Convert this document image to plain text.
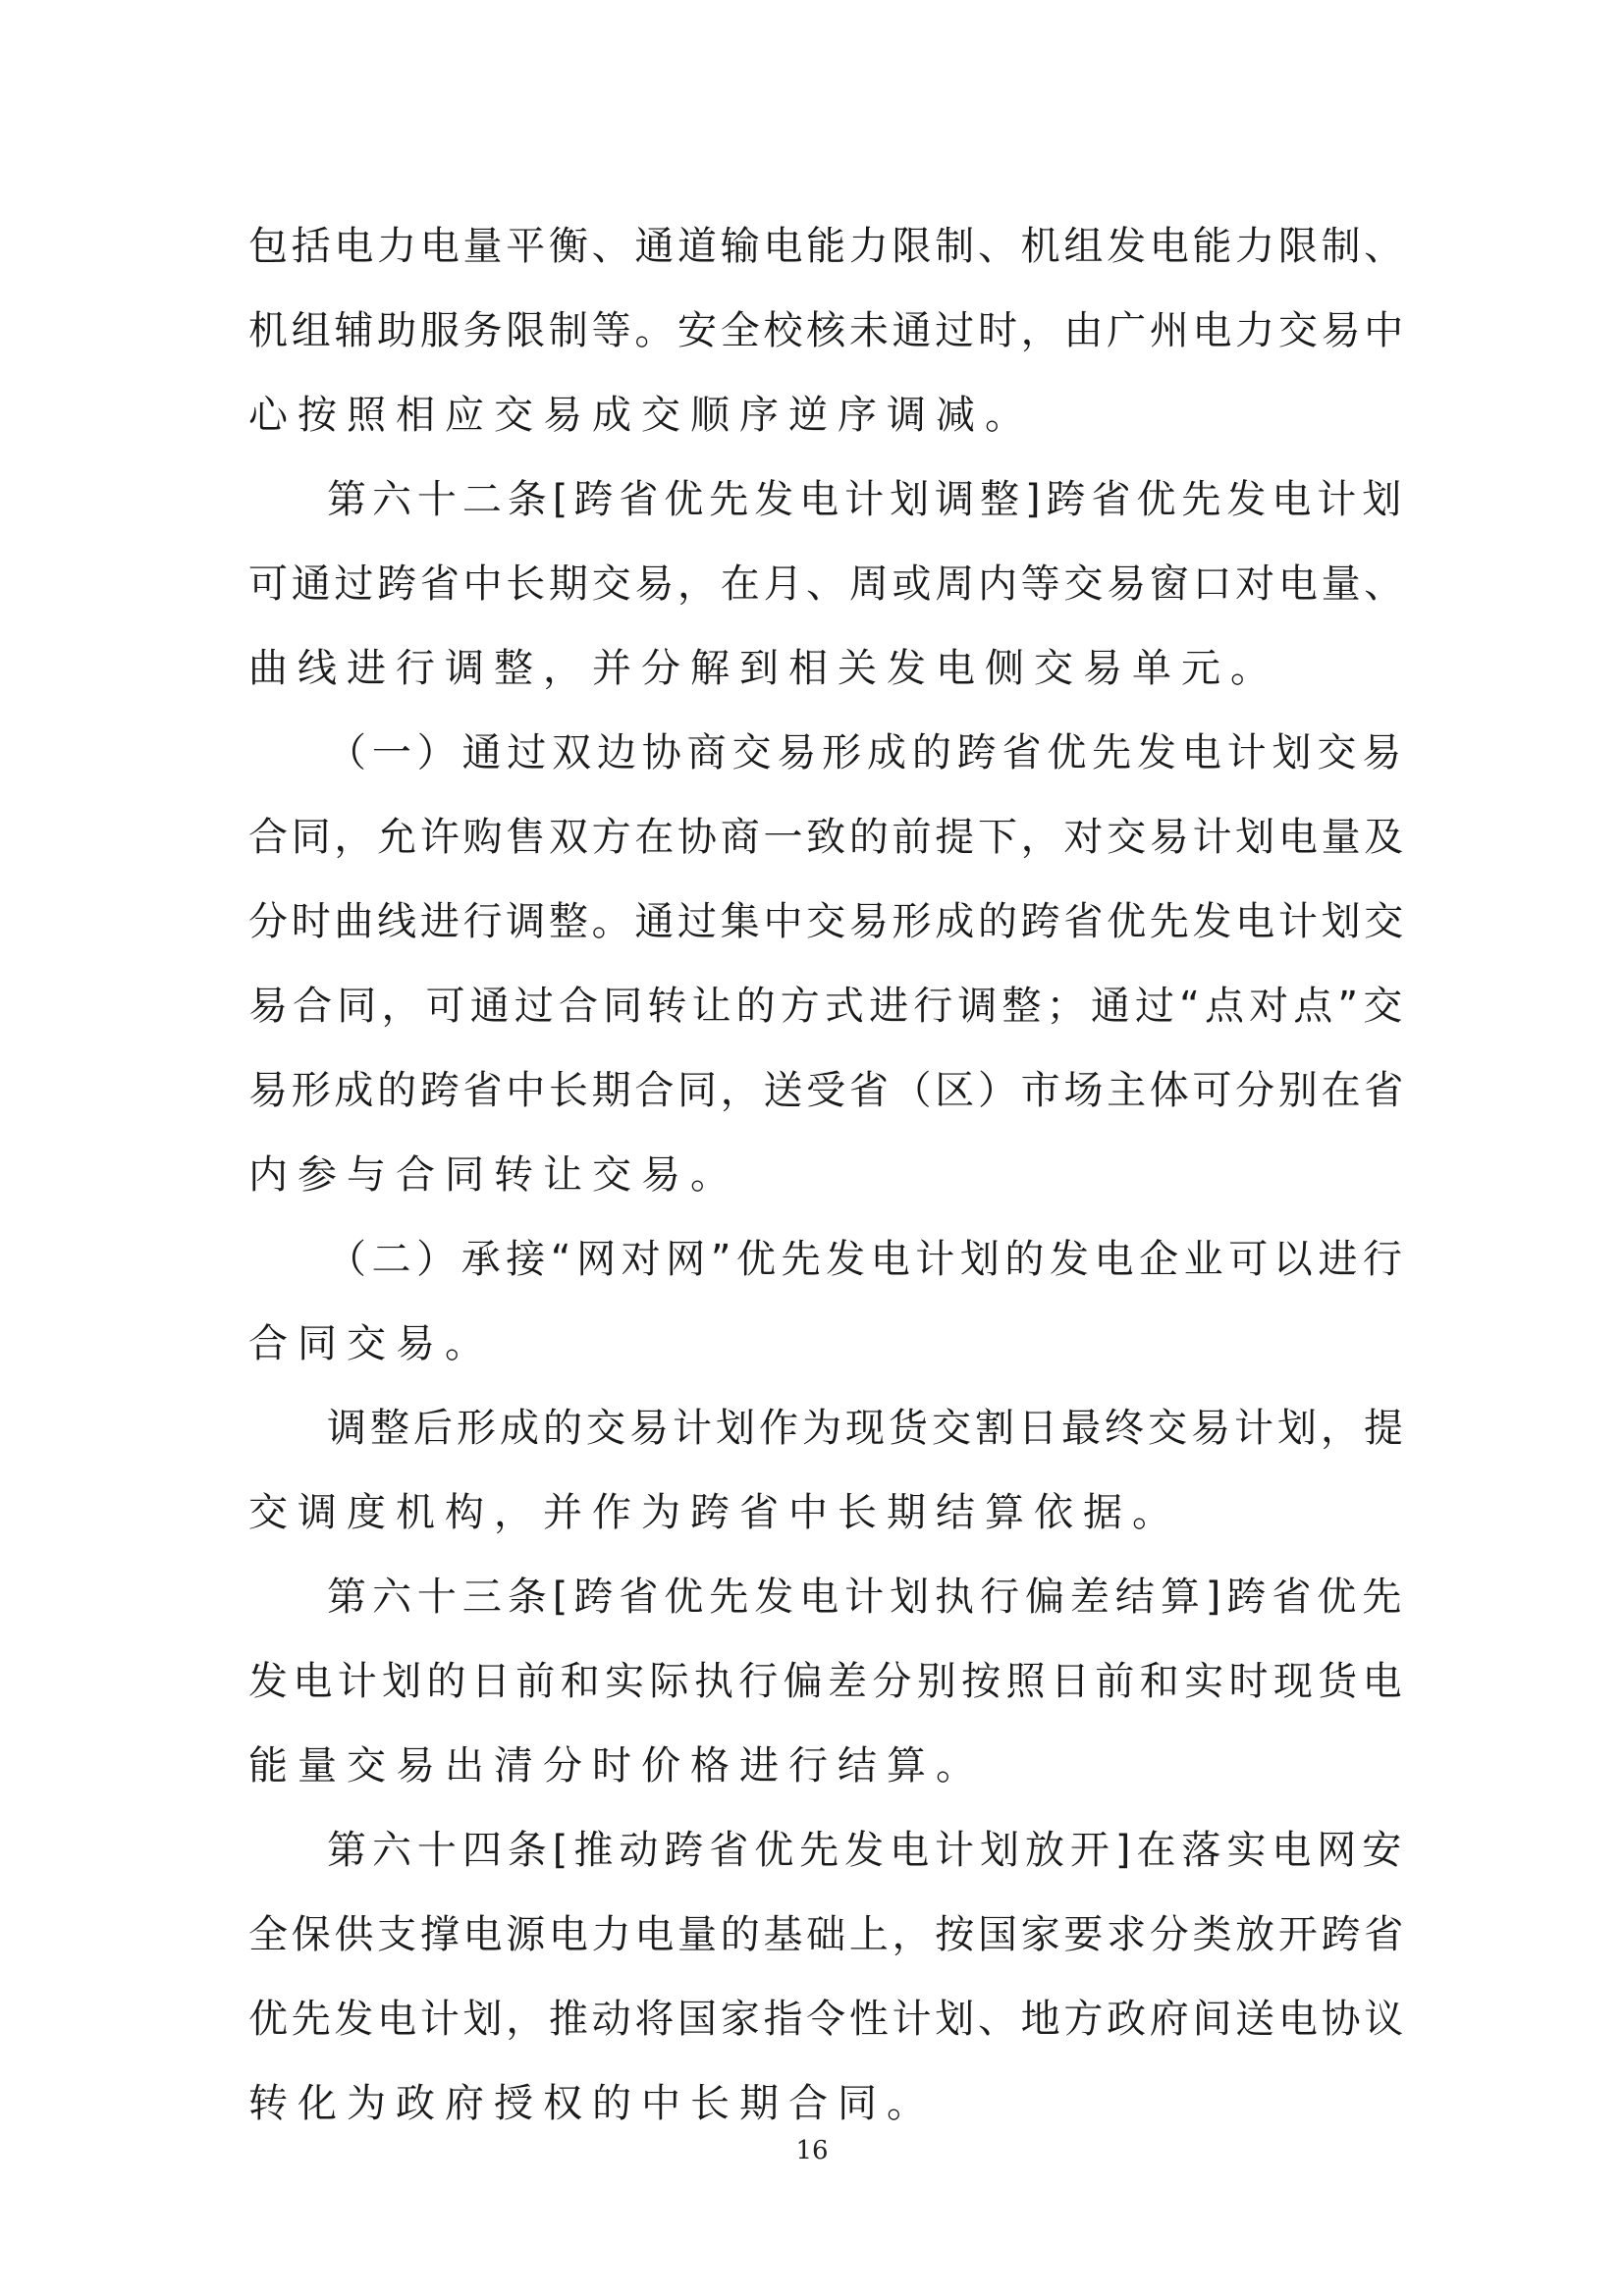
包括电力电量平衡、通道输电能力限制、机组发电能力限制、
机组辅助服务限制等。安全校核未通过时，由广州电力交易中
心按照相应交易成交顺序逆序调减。
第六十二条[跨省优先发电计划调整]跨省优先发电计划
可通过跨省中长期交易，在月、周或周内等交易窗口对电量、
曲线进行调整，并分解到相关发电侧交易单元。
（一）通过双边协商交易形成的跨省优先发电计划交易
合同，允许购售双方在协商一致的前提下，对交易计划电量及
分时曲线进行调整。通过集中交易形成的跨省优先发电计划交
易合同，可通过合同转让的方式进行调整；通过“点对点”交
易形成的跨省中长期合同，送受省（区）市场主体可分别在省
内参与合同转让交易。
（二）承接“网对网”优先发电计划的发电企业可以进行
合同交易。
调整后形成的交易计划作为现货交割日最终交易计划，提
交调度机构，并作为跨省中长期结算依据。
第六十三条[跨省优先发电计划执行偏差结算]跨省优先
发电计划的日前和实际执行偏差分别按照日前和实时现货电
能量交易出清分时价格进行结算。
第六十四条[推动跨省优先发电计划放开]在落实电网安
全保供支撑电源电力电量的基础上，按国家要求分类放开跨省
优先发电计划，推动将国家指令性计划、地方政府间送电协议
转化为政府授权的中长期合同。
16
